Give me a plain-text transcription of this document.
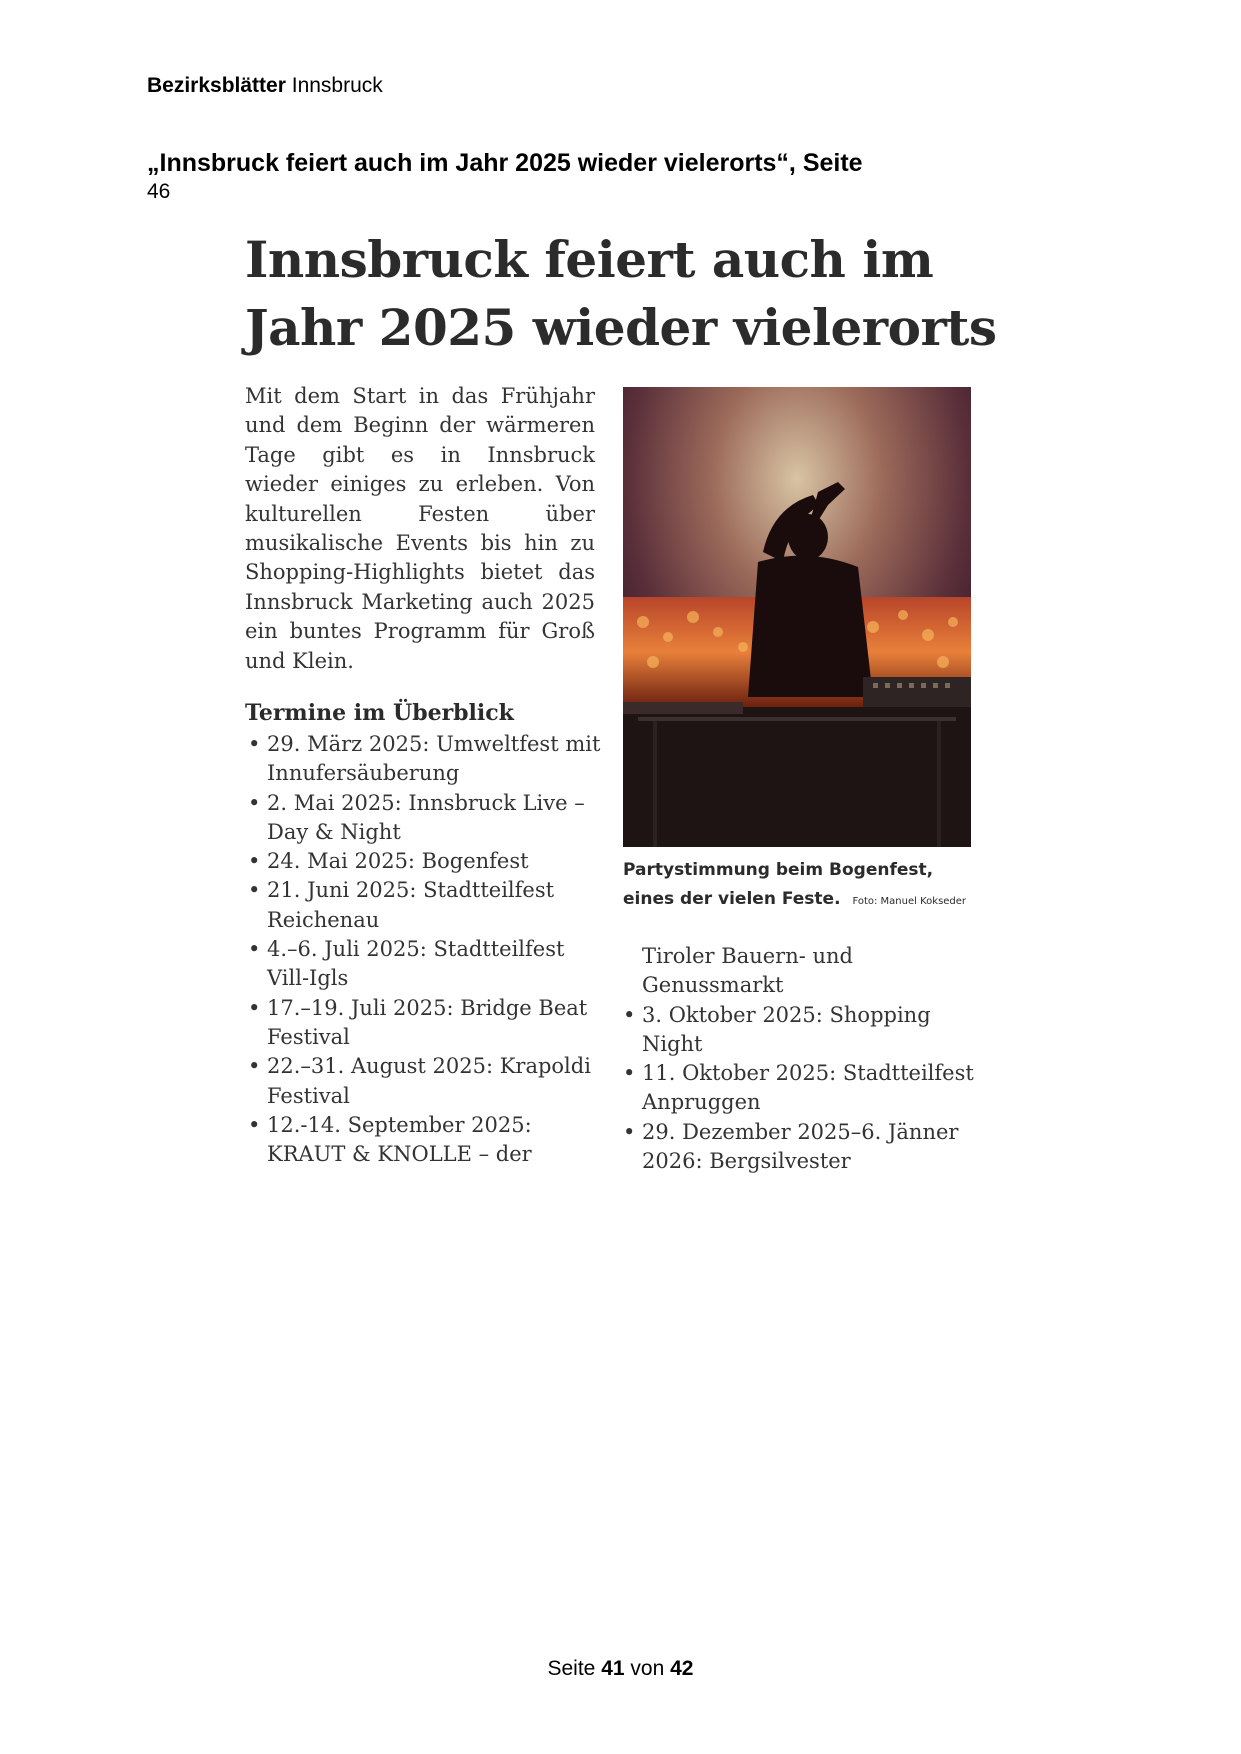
Bezirksblätter Innsbruck
„Innsbruck feiert auch im Jahr 2025 wieder vielerorts“, Seite
46
Innsbruck feiert auch im
Jahr 2025 wieder vielerorts
Mit dem Start in das Frühjahr und dem Beginn der wärmeren Tage gibt es in Innsbruck wieder einiges zu erleben. Von kulturellen Festen über musikalische Events bis hin zu Shopping-Highlights bietet das Innsbruck Marketing auch 2025 ein buntes Programm für Groß und Klein.
Termine im Überblick
• 29. März 2025: Umweltfest mit Innufersäuberung
• 2. Mai 2025: Innsbruck Live – Day & Night
• 24. Mai 2025: Bogenfest
• 21. Juni 2025: Stadtteilfest Reichenau
• 4.–6. Juli 2025: Stadtteilfest Vill-Igls
• 17.–19. Juli 2025: Bridge Beat Festival
• 22.–31. August 2025: Krapoldi Festival
• 12.-14. September 2025: KRAUT & KNOLLE – der
Partystimmung beim Bogenfest, eines der vielen Feste. Foto: Manuel Kokseder
Tiroler Bauern- und Genussmarkt
• 3. Oktober 2025: Shopping Night
• 11. Oktober 2025: Stadtteilfest Anpruggen
• 29. Dezember 2025–6. Jänner 2026: Bergsilvester
Seite 41 von 42
